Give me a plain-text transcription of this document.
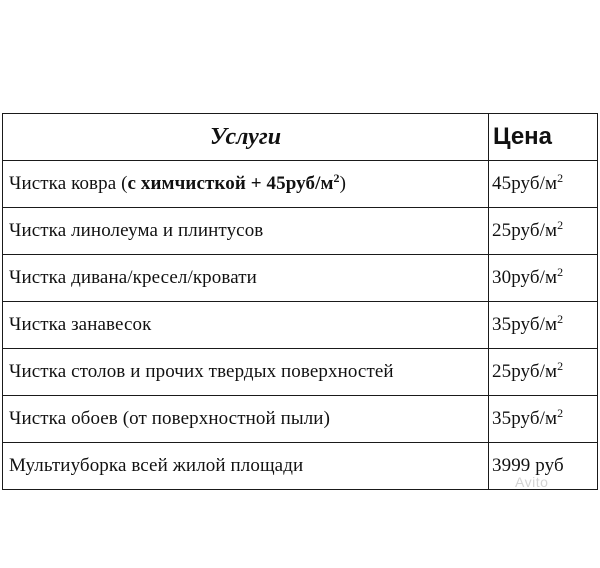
Услуги	Цена
Чистка ковра (с химчисткой + $45руб/м^2$)	$45руб/м^2$
Чистка линолеума и плинтусов	$25руб/м^2$
Чистка дивана/кресел/кровати	$30руб/м^2$
Чистка занавесок	$35руб/м^2$
Чистка столов и прочих твердых поверхностей	$25руб/м^2$
Чистка обоев (от поверхностной пыли)	$35руб/м^2$
Мультиуборка всей жилой площади	3999 руб
Avito
